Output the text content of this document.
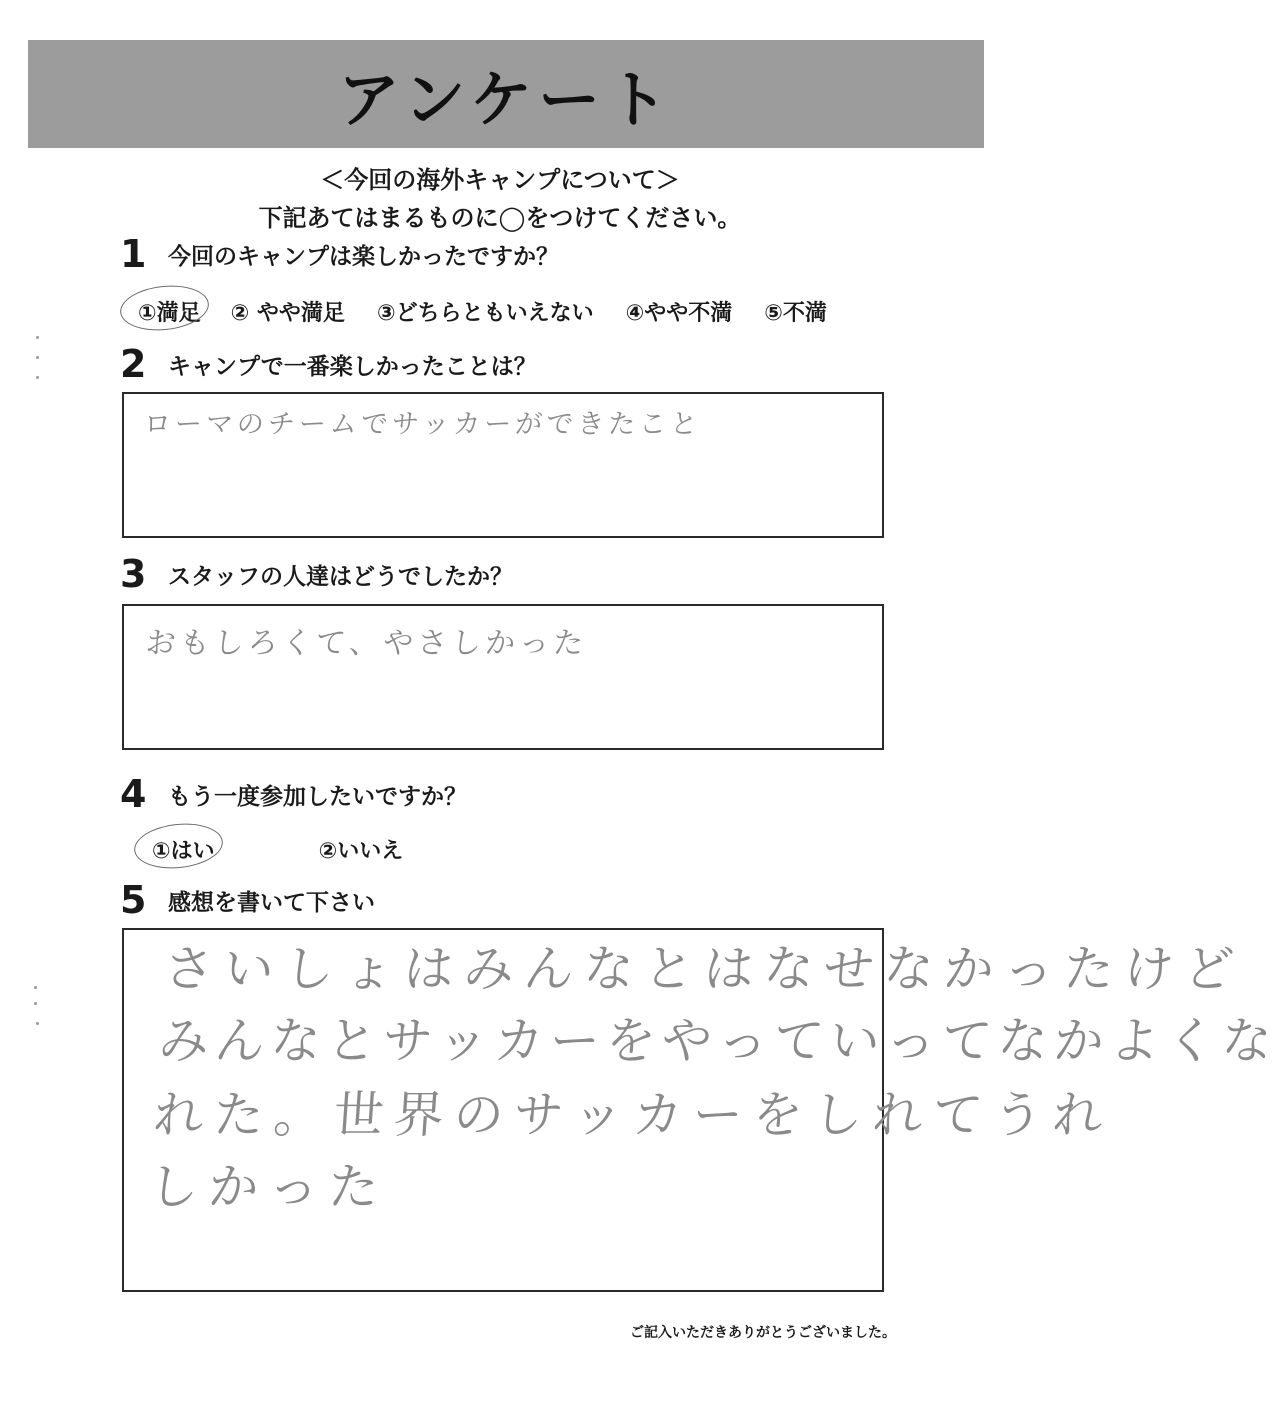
アンケート
＜今回の海外キャンプについて＞
下記あてはまるものに◯をつけてください。
1 今回のキャンプは楽しかったですか？
①満足 ② やや満足 ③どちらともいえない ④やや不満 ⑤不満
2 キャンプで一番楽しかったことは？
ローマのチームでサッカーができたこと
3 スタッフの人達はどうでしたか？
おもしろくて、やさしかった
4 もう一度参加したいですか？
①はい	②いいえ
5 感想を書いて下さい
さいしょはみんなとはなせなかったけど
みんなとサッカーをやっていってなかよくな
れた。世界のサッカーをしれてうれ
しかった
ご記入いただきありがとうございました。
